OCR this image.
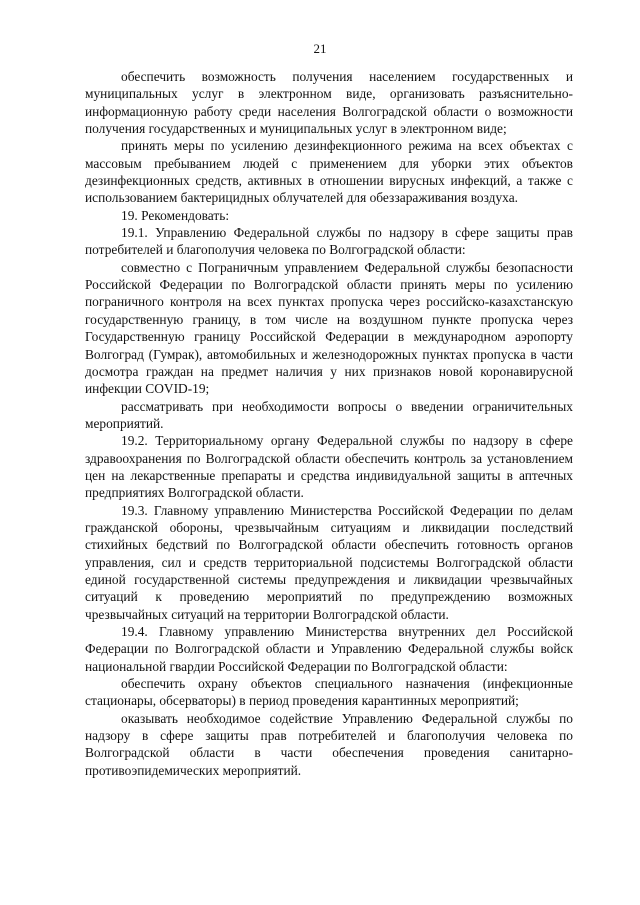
21

обеспечить возможность получения населением государственных и муниципальных услуг в электронном виде, организовать разъяснительно-информационную работу среди населения Волгоградской области о возможности получения государственных и муниципальных услуг в электронном виде;

принять меры по усилению дезинфекционного режима на всех объектах с массовым пребыванием людей с применением для уборки этих объектов дезинфекционных средств, активных в отношении вирусных инфекций, а также с использованием бактерицидных облучателей для обеззараживания воздуха.

19. Рекомендовать:

19.1. Управлению Федеральной службы по надзору в сфере защиты прав потребителей и благополучия человека по Волгоградской области:

совместно с Пограничным управлением Федеральной службы безопасности Российской Федерации по Волгоградской области принять меры по усилению пограничного контроля на всех пунктах пропуска через российско-казахстанскую государственную границу, в том числе на воздушном пункте пропуска через Государственную границу Российской Федерации в международном аэропорту Волгоград (Гумрак), автомобильных и железнодорожных пунктах пропуска в части досмотра граждан на предмет наличия у них признаков новой коронавирусной инфекции COVID-19;

рассматривать при необходимости вопросы о введении ограничительных мероприятий.

19.2. Территориальному органу Федеральной службы по надзору в сфере здравоохранения по Волгоградской области обеспечить контроль за установлением цен на лекарственные препараты и средства индивидуальной защиты в аптечных предприятиях Волгоградской области.

19.3. Главному управлению Министерства Российской Федерации по делам гражданской обороны, чрезвычайным ситуациям и ликвидации последствий стихийных бедствий по Волгоградской области обеспечить готовность органов управления, сил и средств территориальной подсистемы Волгоградской области единой государственной системы предупреждения и ликвидации чрезвычайных ситуаций к проведению мероприятий по предупреждению возможных чрезвычайных ситуаций на территории Волгоградской области.

19.4. Главному управлению Министерства внутренних дел Российской Федерации по Волгоградской области и Управлению Федеральной службы войск национальной гвардии Российской Федерации по Волгоградской области:

обеспечить охрану объектов специального назначения (инфекционные стационары, обсерваторы) в период проведения карантинных мероприятий;

оказывать необходимое содействие Управлению Федеральной службы по надзору в сфере защиты прав потребителей и благополучия человека по Волгоградской области в части обеспечения проведения санитарно-противоэпидемических мероприятий.
